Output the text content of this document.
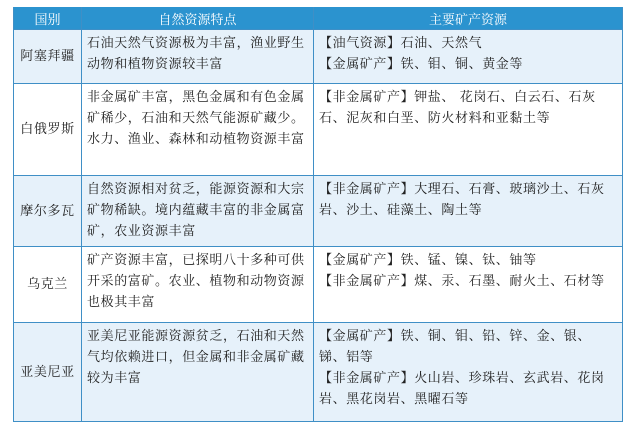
国别	自然资源特点	主要矿产资源
阿塞拜疆	石油天然气资源极为丰富，渔业野生动物和植物资源较丰富	【油气资源】石油、天然气
【金属矿产】铁、钼、铜、黄金等

白俄罗斯	非金属矿丰富，黑色金属和有色金属矿稀少，石油和天然气能源矿藏少。水力、渔业、森林和动植物资源丰富	【非金属矿产】钾盐、 花岗石、白云石、石灰石、泥灰和白垩、防火材料和亚黏土等

摩尔多瓦	自然资源相对贫乏，能源资源和大宗矿物稀缺。境内蕴藏丰富的非金属富矿，农业资源丰富	【非金属矿产】大理石、石膏、玻璃沙土、石灰岩、沙土、硅藻土、陶土等

乌克兰	矿产资源丰富，已探明八十多种可供开采的富矿。农业、植物和动物资源也极其丰富	【金属矿产】铁、锰、镍、钛、铀等
【非金属矿产】煤、汞、石墨、耐火土、石材等

亚美尼亚	亚美尼亚能源资源贫乏，石油和天然气均依赖进口，但金属和非金属矿藏较为丰富	【金属矿产】铁、铜、钼、铅、锌、金、银、锑、铝等
【非金属矿产】火山岩、珍珠岩、玄武岩、花岗岩、黑花岗岩、黑曜石等
